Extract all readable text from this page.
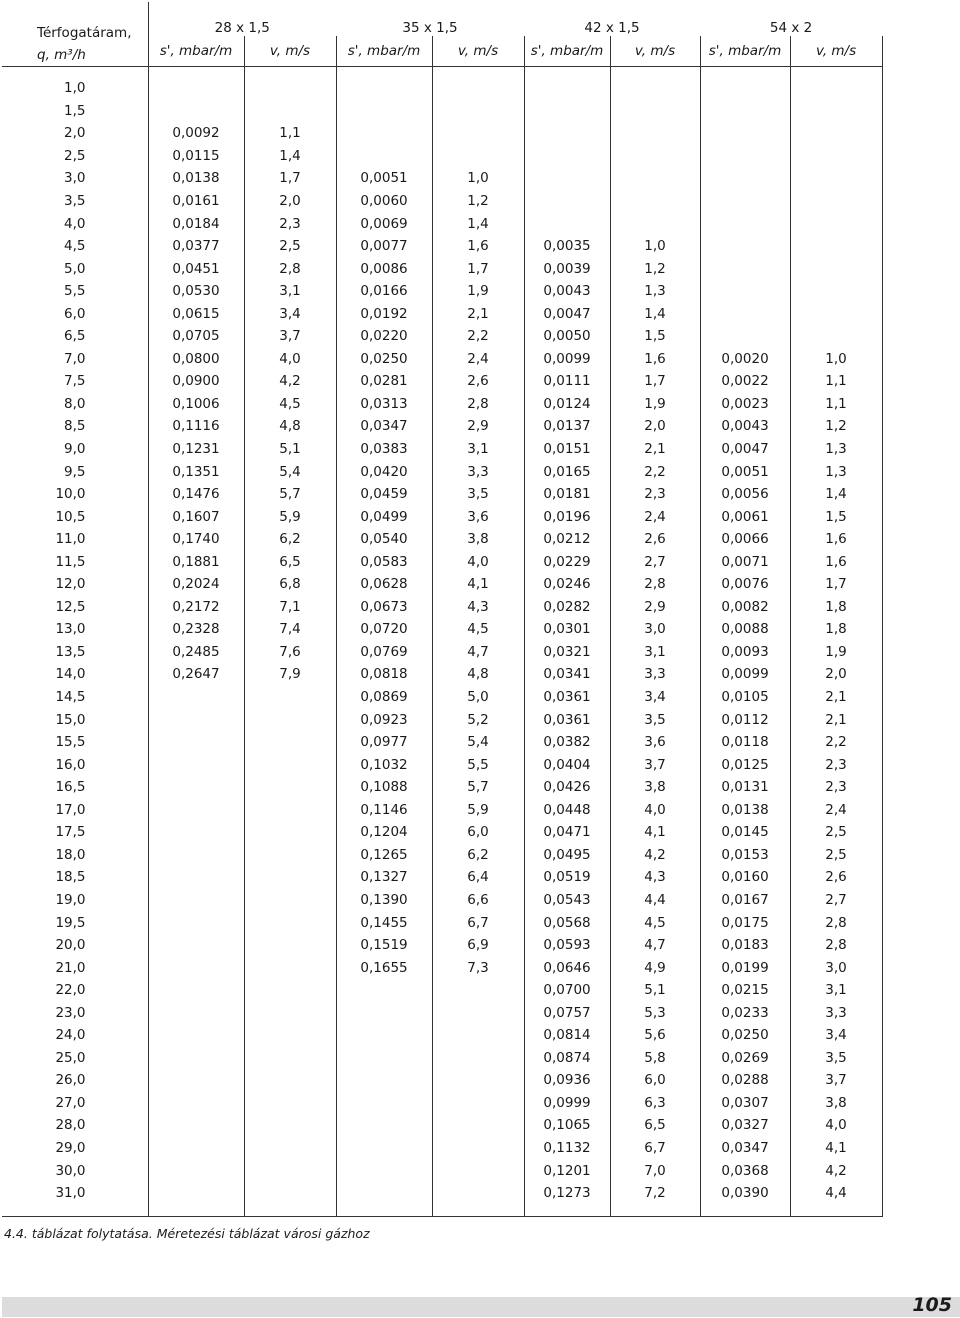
Térfogatáram,
q, m³/h	28 x 1,5		35 x 1,5		42 x 1,5		54 x 2	
	s', mbar/m	v, m/s	s', mbar/m	v, m/s	s', mbar/m	v, m/s	s', mbar/m	v, m/s

1,0								
1,5								
2,0	0,0092	1,1						
2,5	0,0115	1,4						
3,0	0,0138	1,7	0,0051	1,0				
3,5	0,0161	2,0	0,0060	1,2				
4,0	0,0184	2,3	0,0069	1,4				
4,5	0,0377	2,5	0,0077	1,6	0,0035	1,0		
5,0	0,0451	2,8	0,0086	1,7	0,0039	1,2		
5,5	0,0530	3,1	0,0166	1,9	0,0043	1,3		
6,0	0,0615	3,4	0,0192	2,1	0,0047	1,4		
6,5	0,0705	3,7	0,0220	2,2	0,0050	1,5		
7,0	0,0800	4,0	0,0250	2,4	0,0099	1,6	0,0020	1,0
7,5	0,0900	4,2	0,0281	2,6	0,0111	1,7	0,0022	1,1
8,0	0,1006	4,5	0,0313	2,8	0,0124	1,9	0,0023	1,1
8,5	0,1116	4,8	0,0347	2,9	0,0137	2,0	0,0043	1,2
9,0	0,1231	5,1	0,0383	3,1	0,0151	2,1	0,0047	1,3
9,5	0,1351	5,4	0,0420	3,3	0,0165	2,2	0,0051	1,3
10,0	0,1476	5,7	0,0459	3,5	0,0181	2,3	0,0056	1,4
10,5	0,1607	5,9	0,0499	3,6	0,0196	2,4	0,0061	1,5
11,0	0,1740	6,2	0,0540	3,8	0,0212	2,6	0,0066	1,6
11,5	0,1881	6,5	0,0583	4,0	0,0229	2,7	0,0071	1,6
12,0	0,2024	6,8	0,0628	4,1	0,0246	2,8	0,0076	1,7
12,5	0,2172	7,1	0,0673	4,3	0,0282	2,9	0,0082	1,8
13,0	0,2328	7,4	0,0720	4,5	0,0301	3,0	0,0088	1,8
13,5	0,2485	7,6	0,0769	4,7	0,0321	3,1	0,0093	1,9
14,0	0,2647	7,9	0,0818	4,8	0,0341	3,3	0,0099	2,0
14,5			0,0869	5,0	0,0361	3,4	0,0105	2,1
15,0			0,0923	5,2	0,0361	3,5	0,0112	2,1
15,5			0,0977	5,4	0,0382	3,6	0,0118	2,2
16,0			0,1032	5,5	0,0404	3,7	0,0125	2,3
16,5			0,1088	5,7	0,0426	3,8	0,0131	2,3
17,0			0,1146	5,9	0,0448	4,0	0,0138	2,4
17,5			0,1204	6,0	0,0471	4,1	0,0145	2,5
18,0			0,1265	6,2	0,0495	4,2	0,0153	2,5
18,5			0,1327	6,4	0,0519	4,3	0,0160	2,6
19,0			0,1390	6,6	0,0543	4,4	0,0167	2,7
19,5			0,1455	6,7	0,0568	4,5	0,0175	2,8
20,0			0,1519	6,9	0,0593	4,7	0,0183	2,8
21,0			0,1655	7,3	0,0646	4,9	0,0199	3,0
22,0					0,0700	5,1	0,0215	3,1
23,0					0,0757	5,3	0,0233	3,3
24,0					0,0814	5,6	0,0250	3,4
25,0					0,0874	5,8	0,0269	3,5
26,0					0,0936	6,0	0,0288	3,7
27,0					0,0999	6,3	0,0307	3,8
28,0					0,1065	6,5	0,0327	4,0
29,0					0,1132	6,7	0,0347	4,1
30,0					0,1201	7,0	0,0368	4,2
31,0					0,1273	7,2	0,0390	4,4

4.4. táblázat folytatása. Méretezési táblázat városi gázhoz
105
